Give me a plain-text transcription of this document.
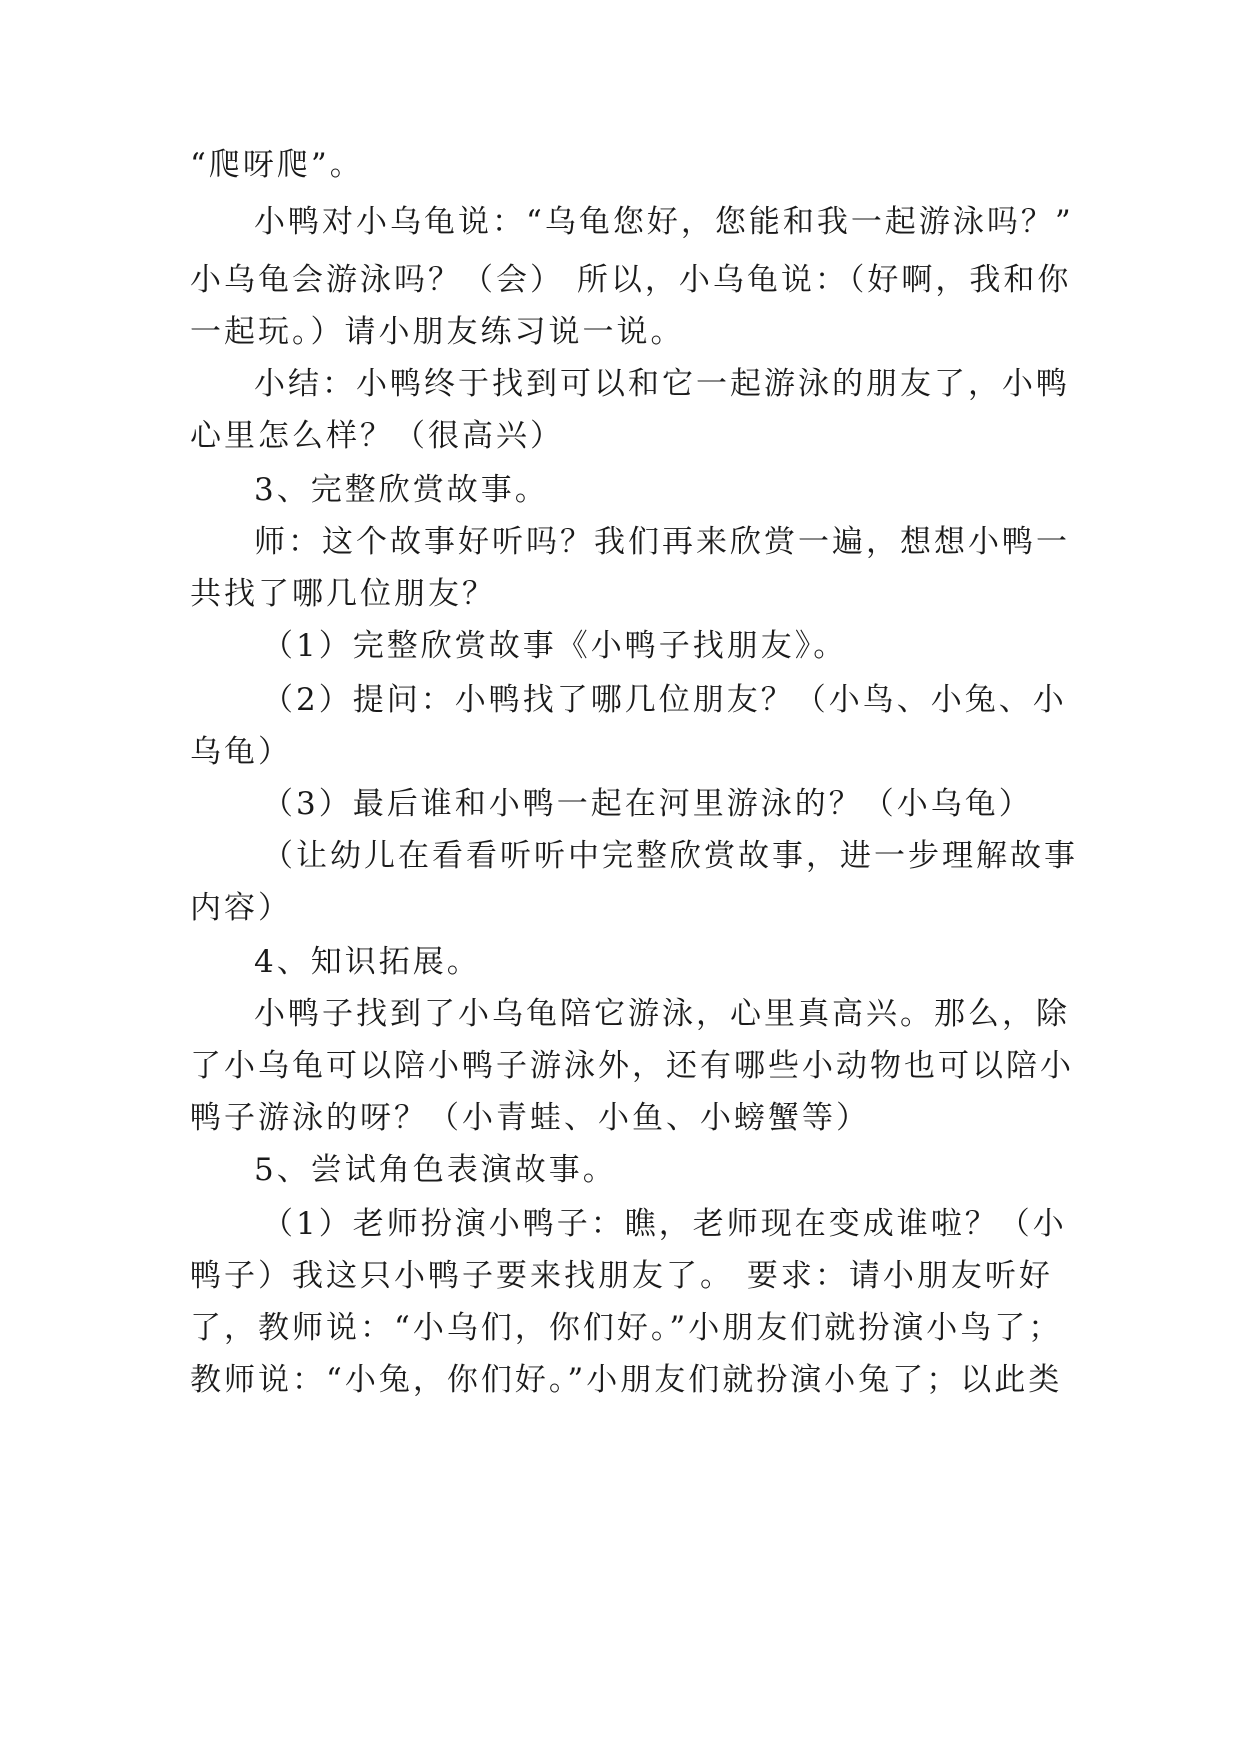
“爬呀爬”。
小鸭对小乌龟说：“乌龟您好，您能和我一起游泳吗？”
小乌龟会游泳吗？（会） 所以，小乌龟说：（好啊，我和你
一起玩。）请小朋友练习说一说。
小结：小鸭终于找到可以和它一起游泳的朋友了，小鸭
心里怎么样？（很高兴）
3、完整欣赏故事。
师：这个故事好听吗？我们再来欣赏一遍，想想小鸭一
共找了哪几位朋友？
（1）完整欣赏故事《小鸭子找朋友》。
（2）提问：小鸭找了哪几位朋友？（小鸟、小兔、小
乌龟）
（3）最后谁和小鸭一起在河里游泳的？（小乌龟）
（让幼儿在看看听听中完整欣赏故事，进一步理解故事
内容）
4、知识拓展。
小鸭子找到了小乌龟陪它游泳，心里真高兴。那么，除
了小乌龟可以陪小鸭子游泳外，还有哪些小动物也可以陪小
鸭子游泳的呀？（小青蛙、小鱼、小螃蟹等）
5、尝试角色表演故事。
（1）老师扮演小鸭子：瞧，老师现在变成谁啦？（小
鸭子）我这只小鸭子要来找朋友了。 要求：请小朋友听好
了，教师说：“小乌们，你们好。”小朋友们就扮演小鸟了；
教师说：“小兔，你们好。”小朋友们就扮演小兔了；以此类
